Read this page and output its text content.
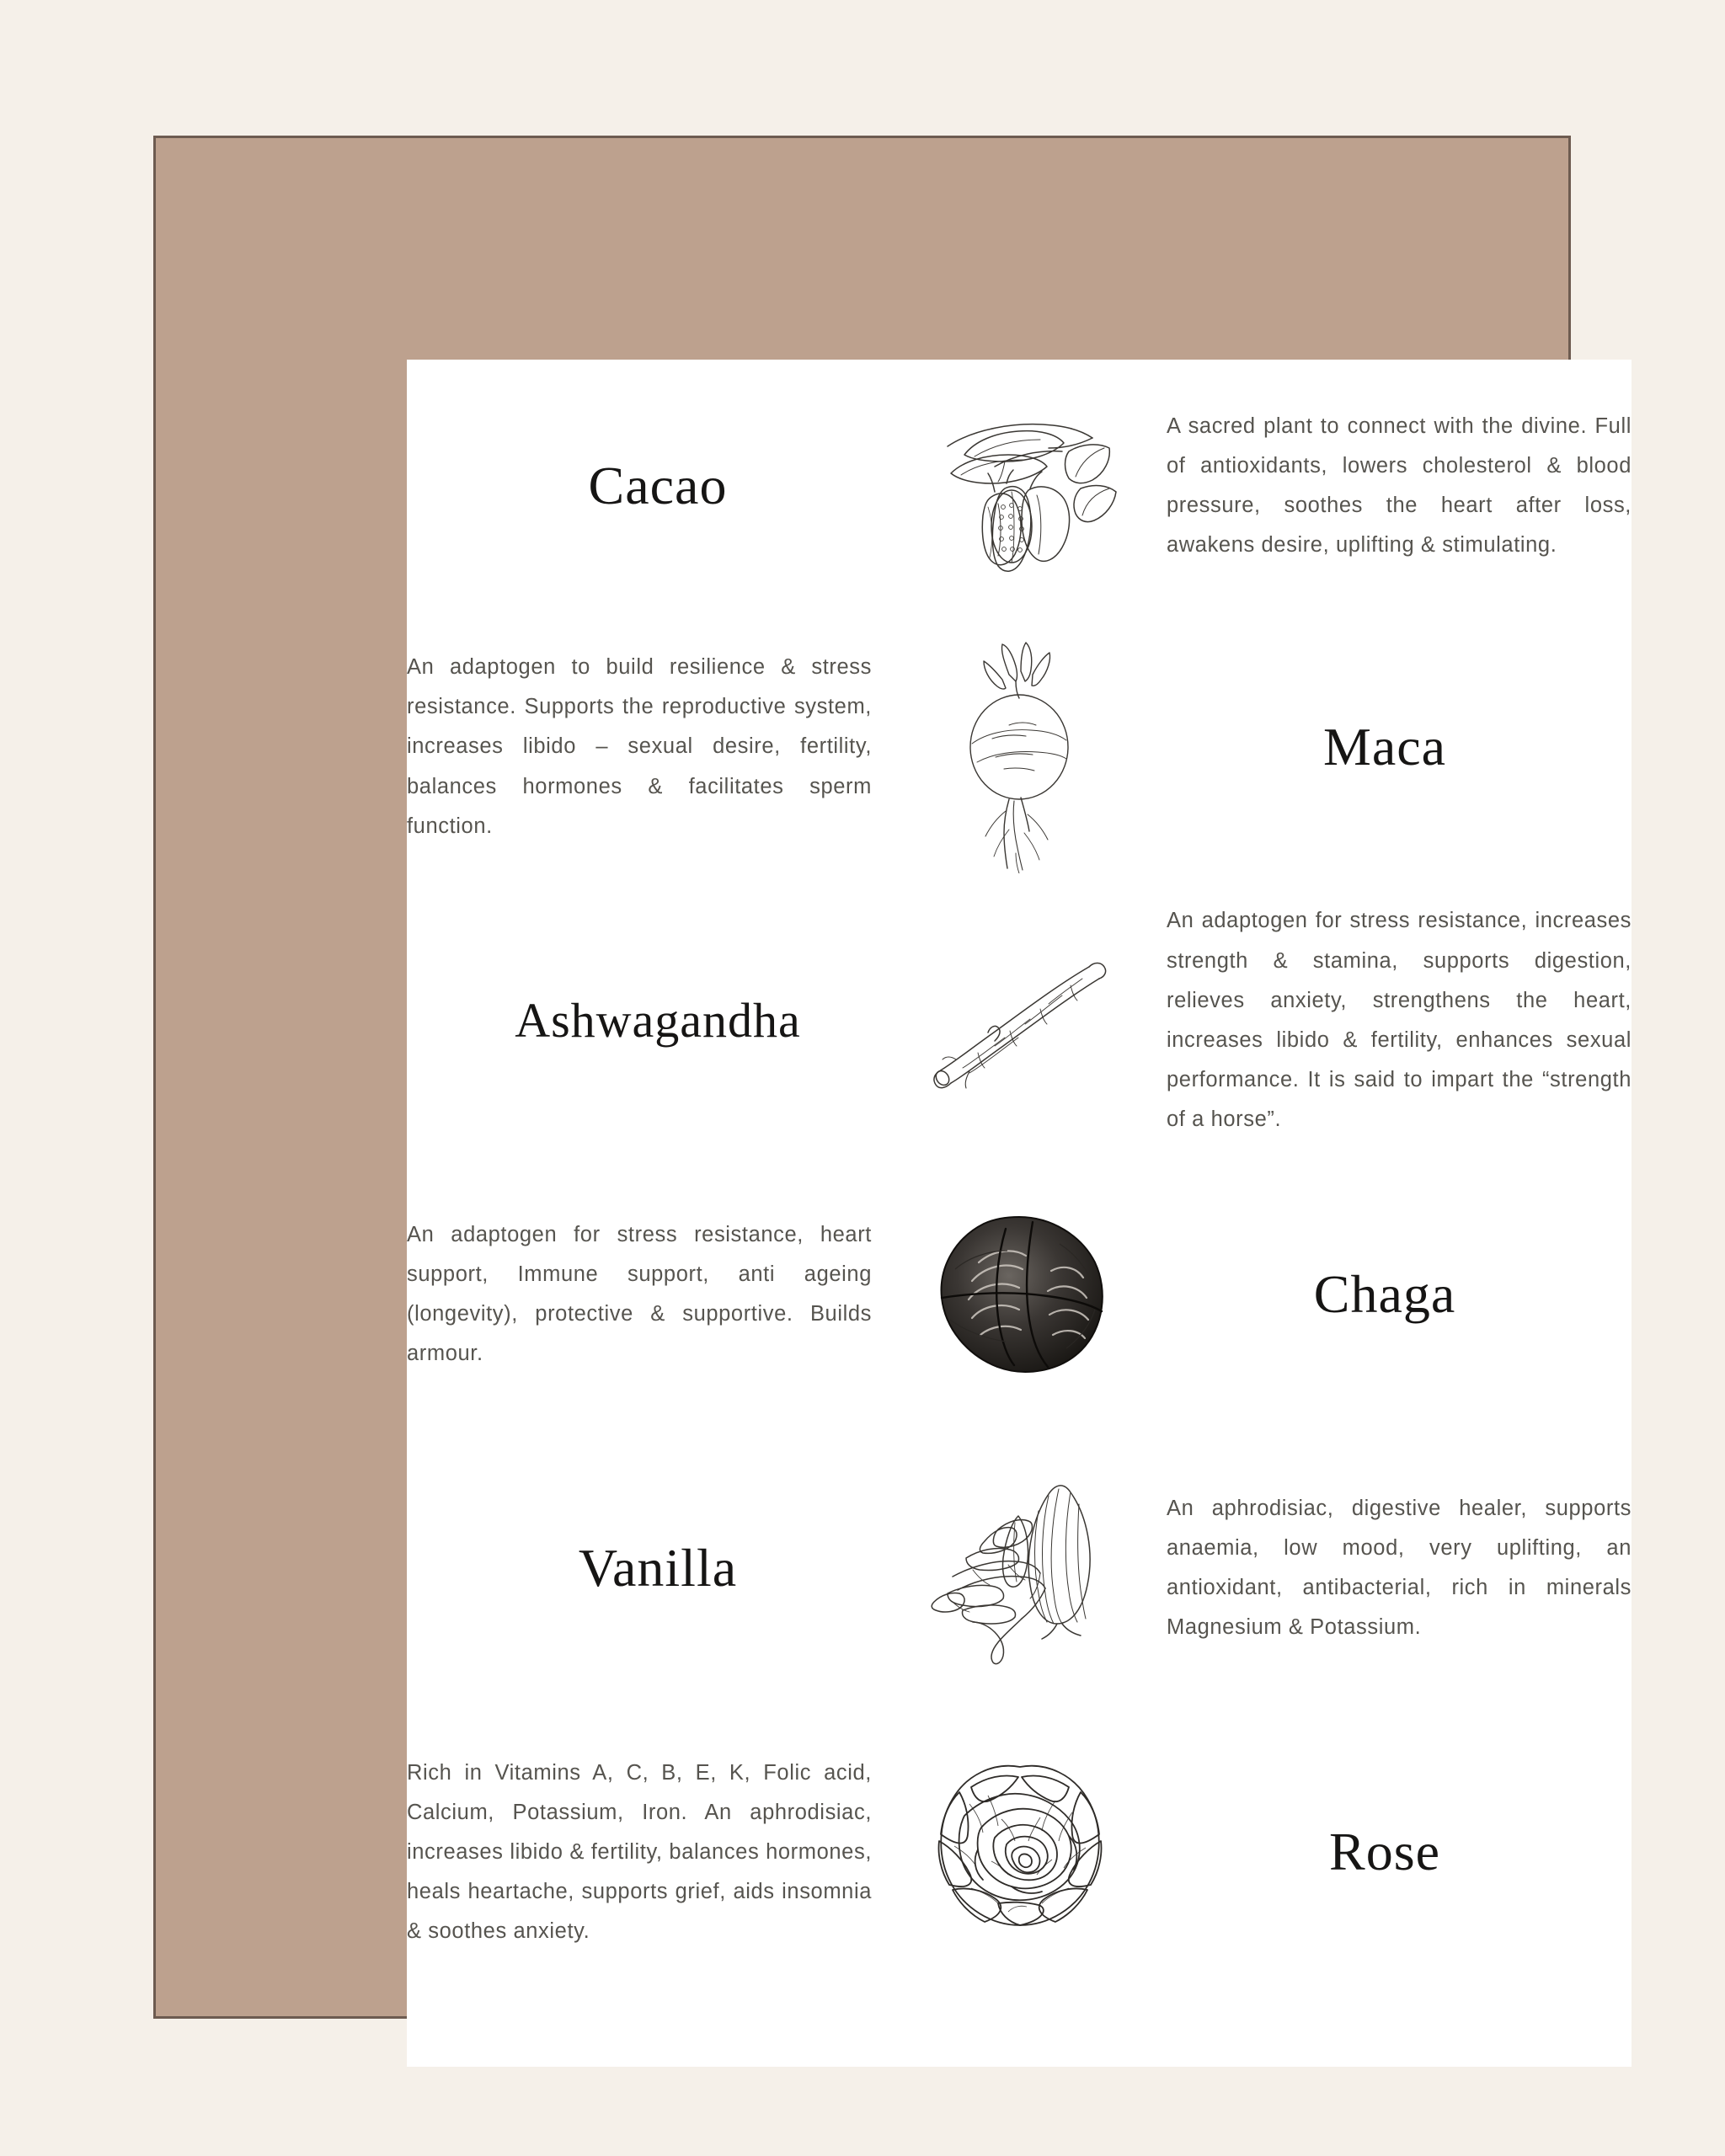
Cacao
A sacred plant to connect with the divine. Full of antioxidants, lowers cholesterol & blood pressure, soothes the heart after loss, awakens desire, uplifting & stimulating.
An adaptogen to build resilience & stress resistance. Supports the reproductive system, increases libido – sexual desire, fertility, balances hormones & facilitates sperm function.
Maca
Ashwagandha
An adaptogen for stress resistance, increases strength & stamina, supports digestion, relieves anxiety, strengthens the heart, increases libido & fertility, enhances sexual performance. It is said to impart the “strength of a horse”.
An adaptogen for stress resistance, heart support, Immune support, anti ageing (longevity), protective & supportive. Builds armour.
Chaga
Vanilla
An aphrodisiac, digestive healer, supports anaemia, low mood, very uplifting, an antioxidant, antibacterial, rich in minerals Magnesium & Potassium.
Rich in Vitamins A, C, B, E, K, Folic acid, Calcium, Potassium, Iron. An aphrodisiac, increases libido & fertility, balances hormones, heals heartache, supports grief, aids insomnia & soothes anxiety.
Rose
